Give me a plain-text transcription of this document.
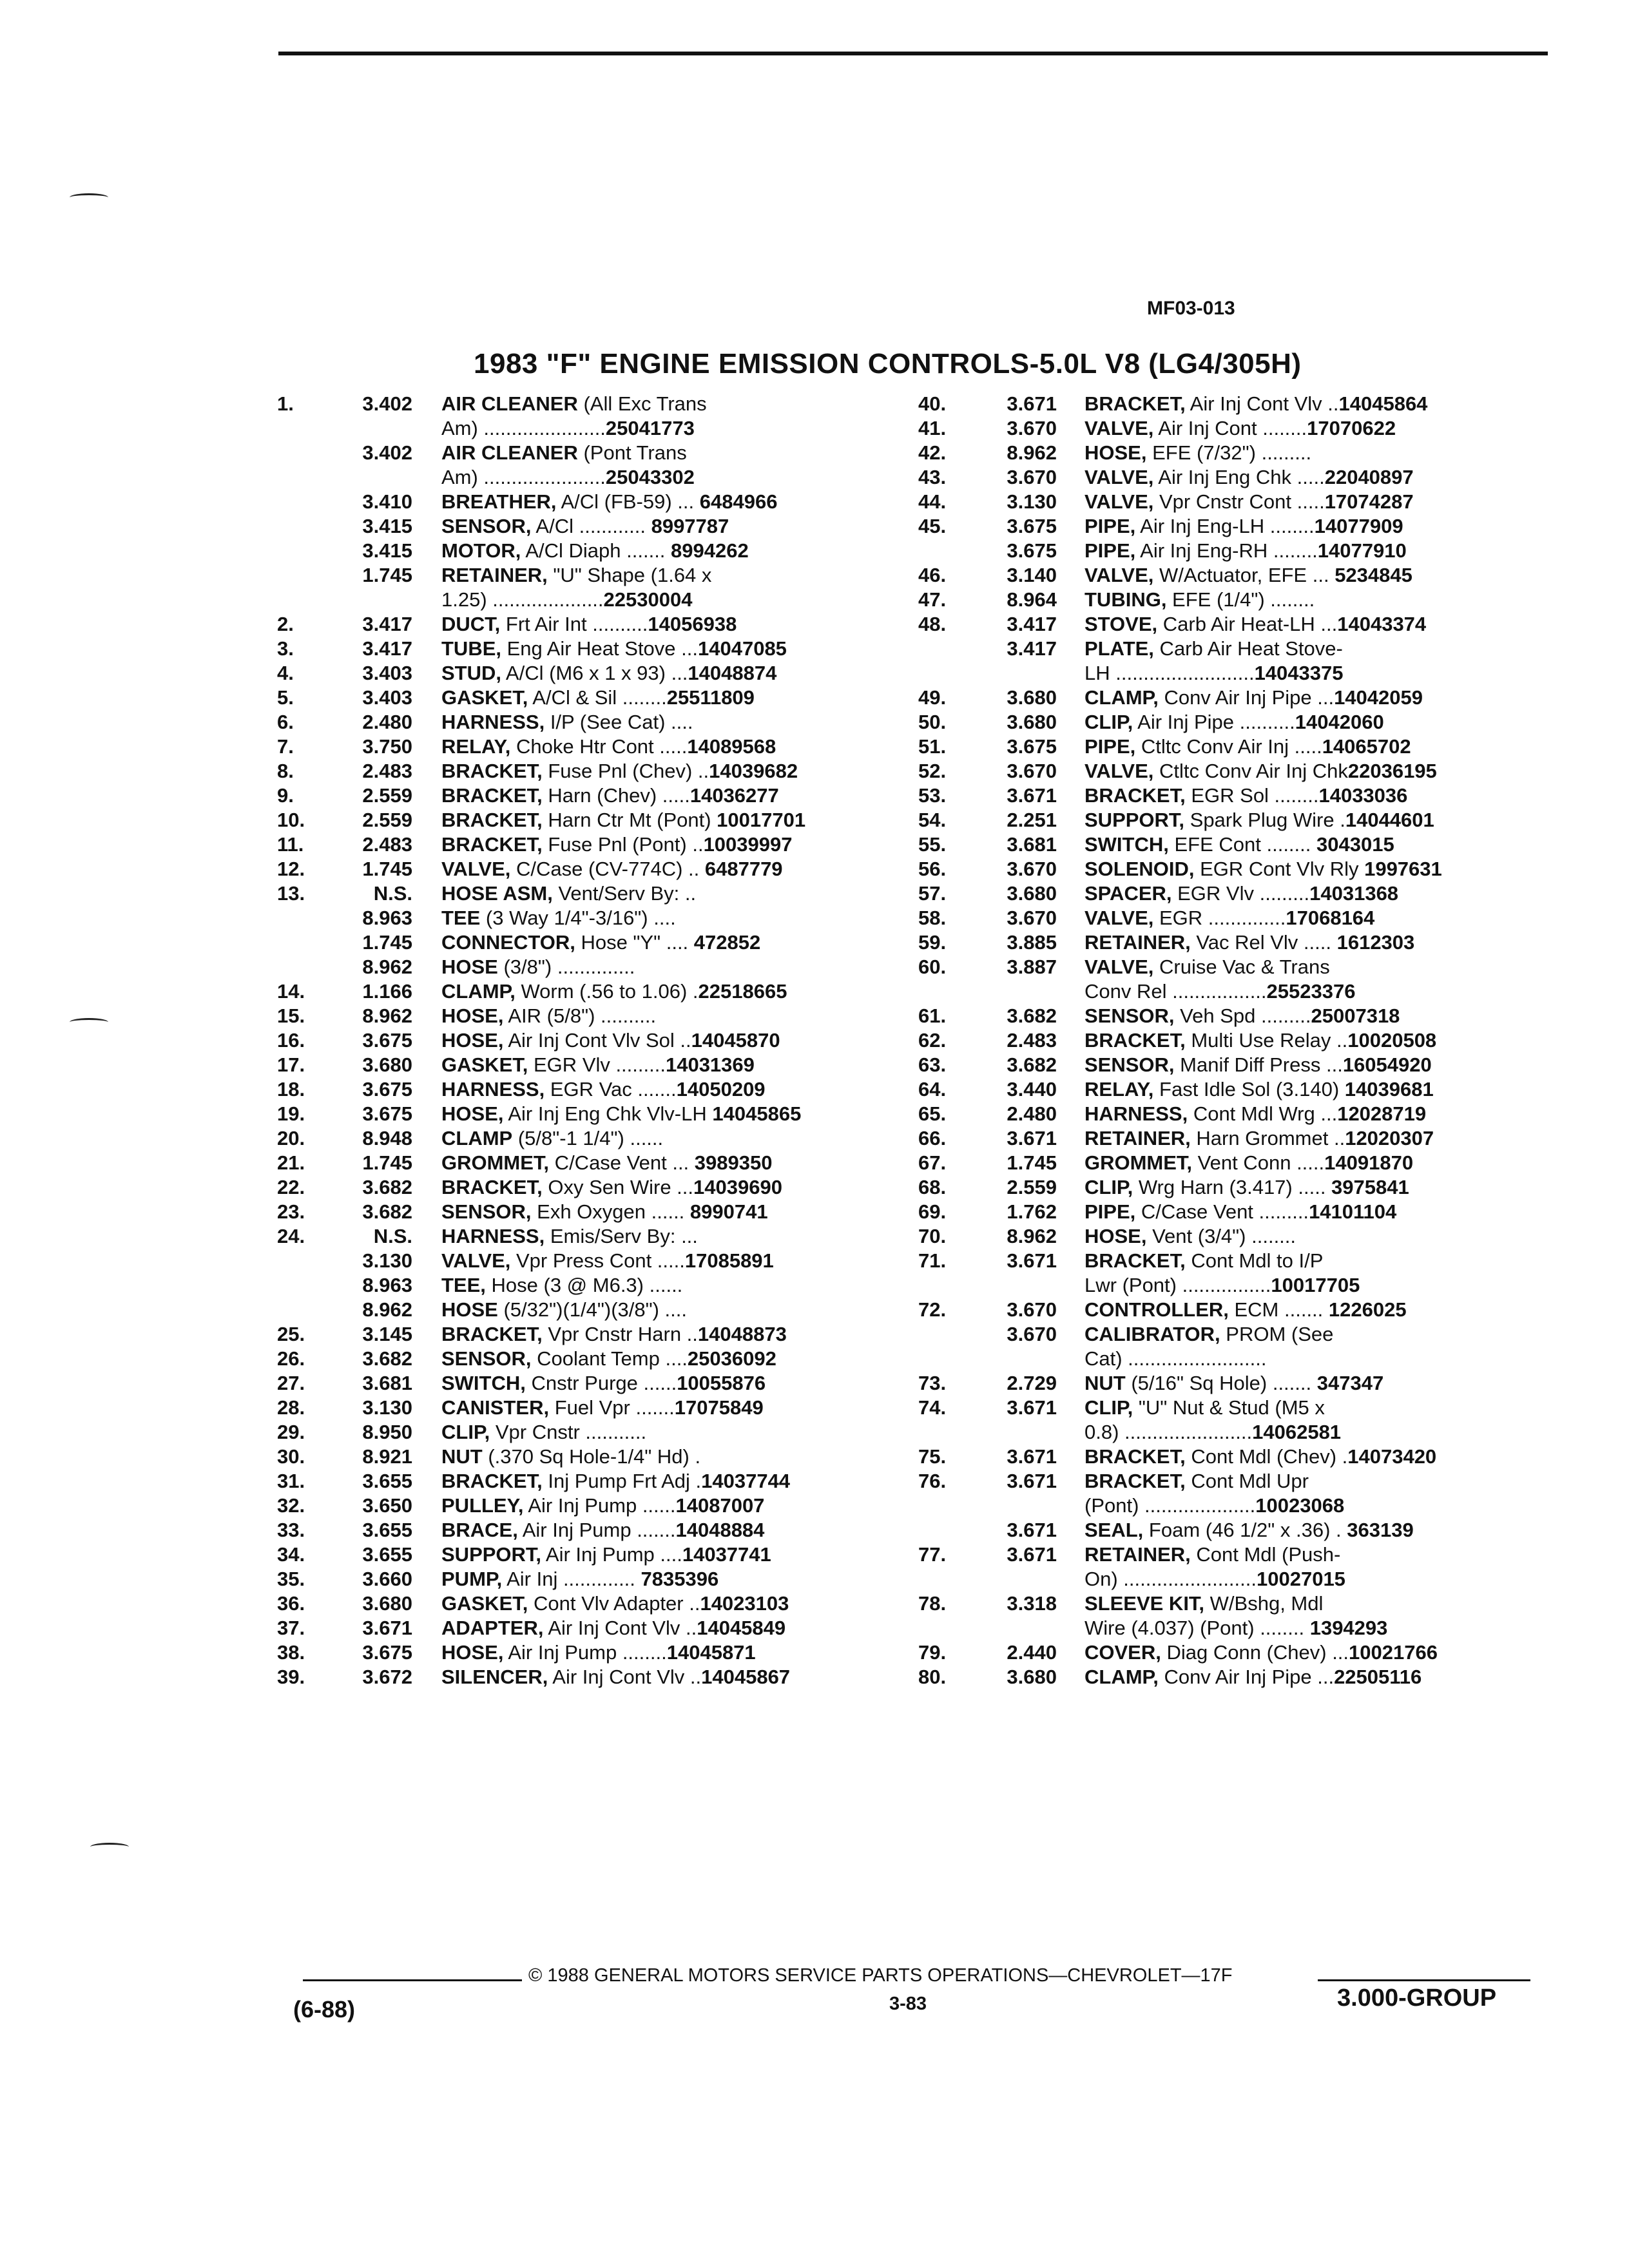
MF03-013
1983 "F" ENGINE EMISSION CONTROLS-5.0L V8 (LG4/305H)
1.	3.402 AIR CLEANER (All Exc Trans
Am) ......................25041773
3.402 AIR CLEANER (Pont Trans
Am) ......................25043302
3.410 BREATHER, A/Cl (FB-59) ... 6484966
3.415 SENSOR, A/Cl ............ 8997787
3.415 MOTOR, A/Cl Diaph ....... 8994262
1.745 RETAINER, "U" Shape (1.64 x
1.25) ....................22530004
2.	3.417 DUCT, Frt Air Int ..........14056938
3.	3.417 TUBE, Eng Air Heat Stove ...14047085
4.	3.403 STUD, A/Cl (M6 x 1 x 93) ...14048874
5.	3.403 GASKET, A/Cl & Sil ........25511809
6.	2.480 HARNESS, I/P (See Cat) ....
7.	3.750 RELAY, Choke Htr Cont .....14089568
8.	2.483 BRACKET, Fuse Pnl (Chev) ..14039682
9.	2.559 BRACKET, Harn (Chev) .....14036277
10.	2.559 BRACKET, Harn Ctr Mt (Pont) 10017701
11.	2.483 BRACKET, Fuse Pnl (Pont) ..10039997
12.	1.745 VALVE, C/Case (CV-774C) .. 6487779
13.	N.S. HOSE ASM, Vent/Serv By: ..
8.963 TEE (3 Way 1/4"-3/16") ....
1.745 CONNECTOR, Hose "Y" .... 472852
8.962 HOSE (3/8") ..............
14.	1.166 CLAMP, Worm (.56 to 1.06) .22518665
15.	8.962 HOSE, AIR (5/8") ..........
16.	3.675 HOSE, Air Inj Cont Vlv Sol ..14045870
17.	3.680 GASKET, EGR Vlv .........14031369
18.	3.675 HARNESS, EGR Vac .......14050209
19.	3.675 HOSE, Air Inj Eng Chk Vlv-LH 14045865
20.	8.948 CLAMP (5/8"-1 1/4") ......
21.	1.745 GROMMET, C/Case Vent ... 3989350
22.	3.682 BRACKET, Oxy Sen Wire ...14039690
23.	3.682 SENSOR, Exh Oxygen ...... 8990741
24.	N.S. HARNESS, Emis/Serv By: ...
3.130 VALVE, Vpr Press Cont .....17085891
8.963 TEE, Hose (3 @ M6.3) ......
8.962 HOSE (5/32")(1/4")(3/8") ....
25.	3.145 BRACKET, Vpr Cnstr Harn ..14048873
26.	3.682 SENSOR, Coolant Temp ....25036092
27.	3.681 SWITCH, Cnstr Purge ......10055876
28.	3.130 CANISTER, Fuel Vpr .......17075849
29.	8.950 CLIP, Vpr Cnstr ...........
30.	8.921 NUT (.370 Sq Hole-1/4" Hd) .
31.	3.655 BRACKET, Inj Pump Frt Adj .14037744
32.	3.650 PULLEY, Air Inj Pump ......14087007
33.	3.655 BRACE, Air Inj Pump .......14048884
34.	3.655 SUPPORT, Air Inj Pump ....14037741
35.	3.660 PUMP, Air Inj ............. 7835396
36.	3.680 GASKET, Cont Vlv Adapter ..14023103
37.	3.671 ADAPTER, Air Inj Cont Vlv ..14045849
38.	3.675 HOSE, Air Inj Pump ........14045871
39.	3.672 SILENCER, Air Inj Cont Vlv ..14045867
40.	3.671 BRACKET, Air Inj Cont Vlv ..14045864
41.	3.670 VALVE, Air Inj Cont ........17070622
42.	8.962 HOSE, EFE (7/32") .........
43.	3.670 VALVE, Air Inj Eng Chk .....22040897
44.	3.130 VALVE, Vpr Cnstr Cont .....17074287
45.	3.675 PIPE, Air Inj Eng-LH ........14077909
3.675 PIPE, Air Inj Eng-RH ........14077910
46.	3.140 VALVE, W/Actuator, EFE ... 5234845
47.	8.964 TUBING, EFE (1/4") ........
48.	3.417 STOVE, Carb Air Heat-LH ...14043374
3.417 PLATE, Carb Air Heat Stove-
LH .........................14043375
49.	3.680 CLAMP, Conv Air Inj Pipe ...14042059
50.	3.680 CLIP, Air Inj Pipe ..........14042060
51.	3.675 PIPE, Ctltc Conv Air Inj .....14065702
52.	3.670 VALVE, Ctltc Conv Air Inj Chk22036195
53.	3.671 BRACKET, EGR Sol ........14033036
54.	2.251 SUPPORT, Spark Plug Wire .14044601
55.	3.681 SWITCH, EFE Cont ........ 3043015
56.	3.670 SOLENOID, EGR Cont Vlv Rly 1997631
57.	3.680 SPACER, EGR Vlv .........14031368
58.	3.670 VALVE, EGR ..............17068164
59.	3.885 RETAINER, Vac Rel Vlv ..... 1612303
60.	3.887 VALVE, Cruise Vac & Trans
Conv Rel .................25523376
61.	3.682 SENSOR, Veh Spd .........25007318
62.	2.483 BRACKET, Multi Use Relay ..10020508
63.	3.682 SENSOR, Manif Diff Press ...16054920
64.	3.440 RELAY, Fast Idle Sol (3.140) 14039681
65.	2.480 HARNESS, Cont Mdl Wrg ...12028719
66.	3.671 RETAINER, Harn Grommet ..12020307
67.	1.745 GROMMET, Vent Conn .....14091870
68.	2.559 CLIP, Wrg Harn (3.417) ..... 3975841
69.	1.762 PIPE, C/Case Vent .........14101104
70.	8.962 HOSE, Vent (3/4") ........
71.	3.671 BRACKET, Cont Mdl to I/P
Lwr (Pont) ................10017705
72.	3.670 CONTROLLER, ECM ....... 1226025
3.670 CALIBRATOR, PROM (See
Cat) .........................
73.	2.729 NUT (5/16" Sq Hole) ....... 347347
74.	3.671 CLIP, "U" Nut & Stud (M5 x
0.8) .......................14062581
75.	3.671 BRACKET, Cont Mdl (Chev) .14073420
76.	3.671 BRACKET, Cont Mdl Upr
(Pont) ....................10023068
3.671 SEAL, Foam (46 1/2" x .36) . 363139
77.	3.671 RETAINER, Cont Mdl (Push-
On) ........................10027015
78.	3.318 SLEEVE KIT, W/Bshg, Mdl
Wire (4.037) (Pont) ........ 1394293
79.	2.440 COVER, Diag Conn (Chev) ...10021766
80.	3.680 CLAMP, Conv Air Inj Pipe ...22505116
© 1988 GENERAL MOTORS SERVICE PARTS OPERATIONS—CHEVROLET—17F
3-83
(6-88)	3.000-GROUP
